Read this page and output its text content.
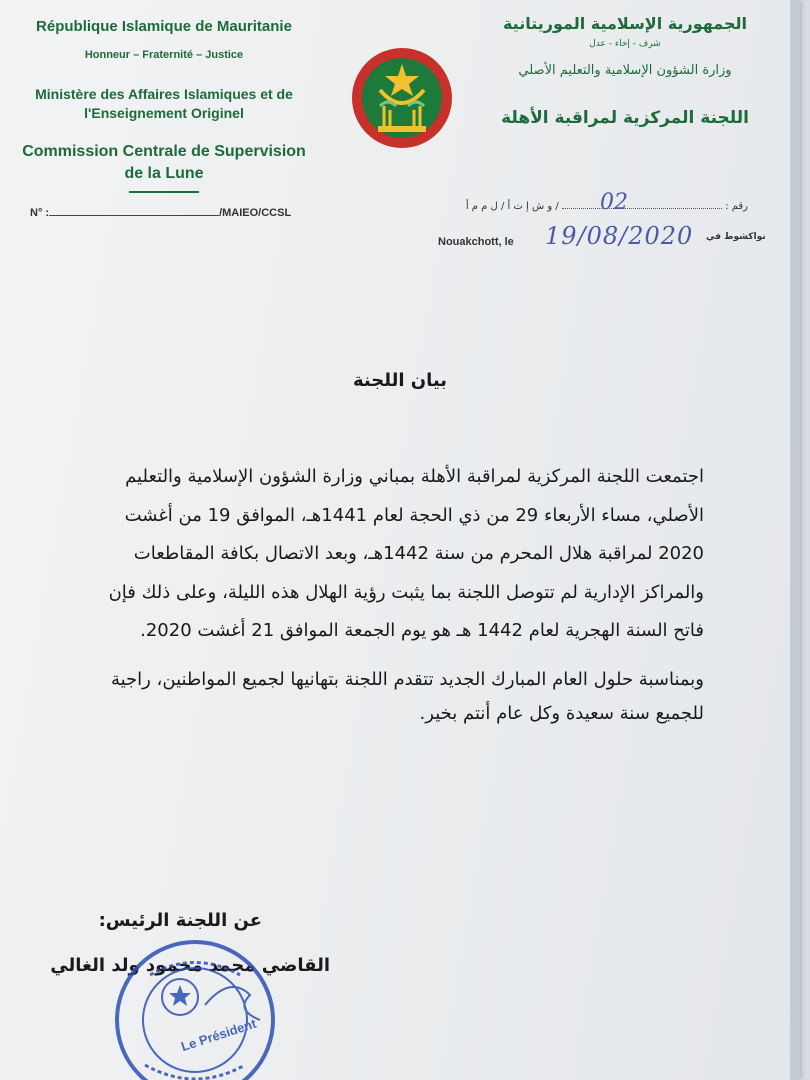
République Islamique de Mauritanie
Honneur – Fraternité – Justice
Ministère des Affaires Islamiques et de l'Enseignement Originel
Commission Centrale de Supervision de la Lune
الجمهورية الإسلامية الموريتانية
شرف - إخاء - عدل
وزارة الشؤون الإسلامية والتعليم الأصلي
اللجنة المركزية لمراقبة الأهلة
N° :	/MAIEO/CCSL
رقم :  / و ش إ ت أ / ل م م أ	02
Nouakchott, le 19/08/2020 نواكشوط في
بيان اللجنة
اجتمعت اللجنة المركزية لمراقبة الأهلة بمباني وزارة الشؤون الإسلامية والتعليم الأصلي، مساء الأربعاء 29 من ذي الحجة لعام 1441هـ، الموافق 19 من أغشت 2020 لمراقبة هلال المحرم من سنة 1442هـ، وبعد الاتصال بكافة المقاطعات والمراكز الإدارية لم تتوصل اللجنة بما يثبت رؤية الهلال هذه الليلة، وعلى ذلك فإن فاتح السنة الهجرية لعام 1442 هـ هو يوم الجمعة الموافق 21 أغشت 2020.
وبمناسبة حلول العام المبارك الجديد تتقدم اللجنة بتهانيها لجميع المواطنين، راجية للجميع سنة سعيدة وكل عام أنتم بخير.
عن اللجنة الرئيس:
القاضي محمد محمود ولد الغالي
Le Président
